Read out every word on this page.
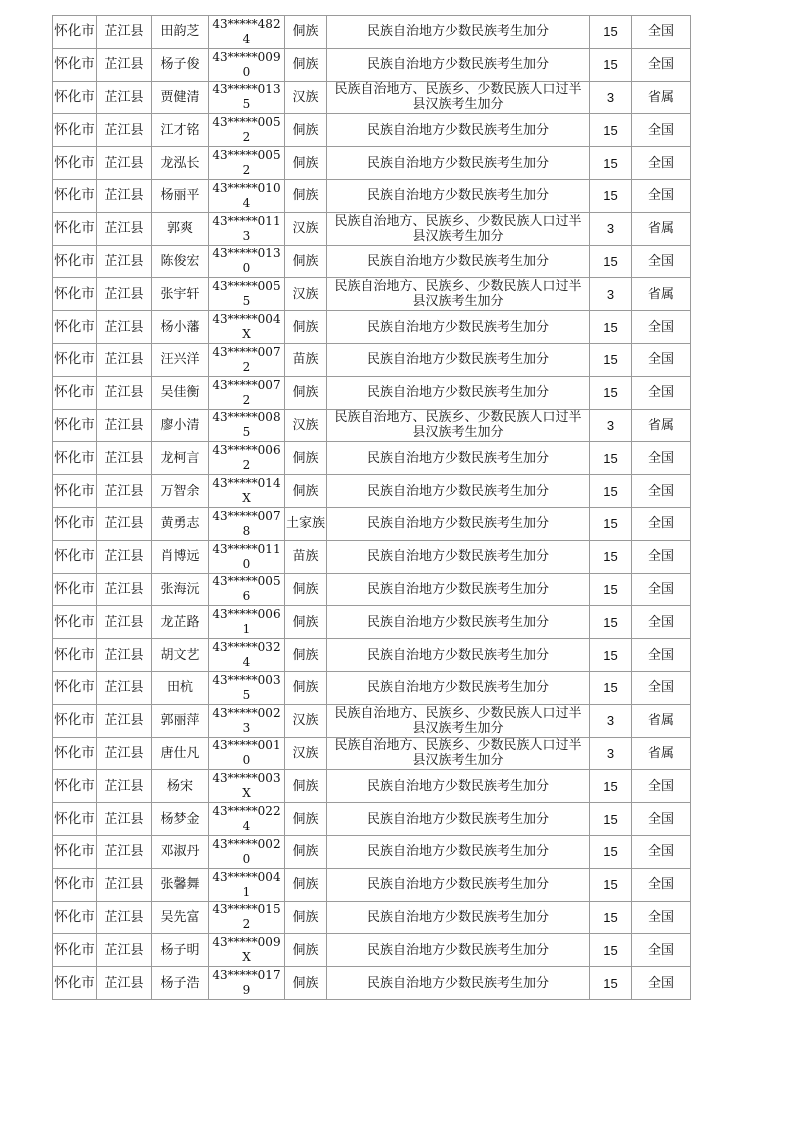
怀化市	芷江县	田韵芝	43*****4824	侗族	民族自治地方少数民族考生加分	15	全国
怀化市	芷江县	杨子俊	43*****0090	侗族	民族自治地方少数民族考生加分	15	全国
怀化市	芷江县	贾健清	43*****0135	汉族	民族自治地方、民族乡、少数民族人口过半县汉族考生加分	3	省属
怀化市	芷江县	江才铭	43*****0052	侗族	民族自治地方少数民族考生加分	15	全国
怀化市	芷江县	龙泓长	43*****0052	侗族	民族自治地方少数民族考生加分	15	全国
怀化市	芷江县	杨丽平	43*****0104	侗族	民族自治地方少数民族考生加分	15	全国
怀化市	芷江县	郭爽	43*****0113	汉族	民族自治地方、民族乡、少数民族人口过半县汉族考生加分	3	省属
怀化市	芷江县	陈俊宏	43*****0130	侗族	民族自治地方少数民族考生加分	15	全国
怀化市	芷江县	张宇轩	43*****0055	汉族	民族自治地方、民族乡、少数民族人口过半县汉族考生加分	3	省属
怀化市	芷江县	杨小藩	43*****004X	侗族	民族自治地方少数民族考生加分	15	全国
怀化市	芷江县	汪兴洋	43*****0072	苗族	民族自治地方少数民族考生加分	15	全国
怀化市	芷江县	吴佳衡	43*****0072	侗族	民族自治地方少数民族考生加分	15	全国
怀化市	芷江县	廖小清	43*****0085	汉族	民族自治地方、民族乡、少数民族人口过半县汉族考生加分	3	省属
怀化市	芷江县	龙柯言	43*****0062	侗族	民族自治地方少数民族考生加分	15	全国
怀化市	芷江县	万智余	43*****014X	侗族	民族自治地方少数民族考生加分	15	全国
怀化市	芷江县	黄勇志	43*****0078	土家族	民族自治地方少数民族考生加分	15	全国
怀化市	芷江县	肖博远	43*****0110	苗族	民族自治地方少数民族考生加分	15	全国
怀化市	芷江县	张海沅	43*****0056	侗族	民族自治地方少数民族考生加分	15	全国
怀化市	芷江县	龙芷路	43*****0061	侗族	民族自治地方少数民族考生加分	15	全国
怀化市	芷江县	胡文艺	43*****0324	侗族	民族自治地方少数民族考生加分	15	全国
怀化市	芷江县	田杭	43*****0035	侗族	民族自治地方少数民族考生加分	15	全国
怀化市	芷江县	郭丽萍	43*****0023	汉族	民族自治地方、民族乡、少数民族人口过半县汉族考生加分	3	省属
怀化市	芷江县	唐仕凡	43*****0010	汉族	民族自治地方、民族乡、少数民族人口过半县汉族考生加分	3	省属
怀化市	芷江县	杨宋	43*****003X	侗族	民族自治地方少数民族考生加分	15	全国
怀化市	芷江县	杨梦金	43*****0224	侗族	民族自治地方少数民族考生加分	15	全国
怀化市	芷江县	邓淑丹	43*****0020	侗族	民族自治地方少数民族考生加分	15	全国
怀化市	芷江县	张馨舞	43*****0041	侗族	民族自治地方少数民族考生加分	15	全国
怀化市	芷江县	吴先富	43*****0152	侗族	民族自治地方少数民族考生加分	15	全国
怀化市	芷江县	杨子明	43*****009X	侗族	民族自治地方少数民族考生加分	15	全国
怀化市	芷江县	杨子浩	43*****0179	侗族	民族自治地方少数民族考生加分	15	全国
